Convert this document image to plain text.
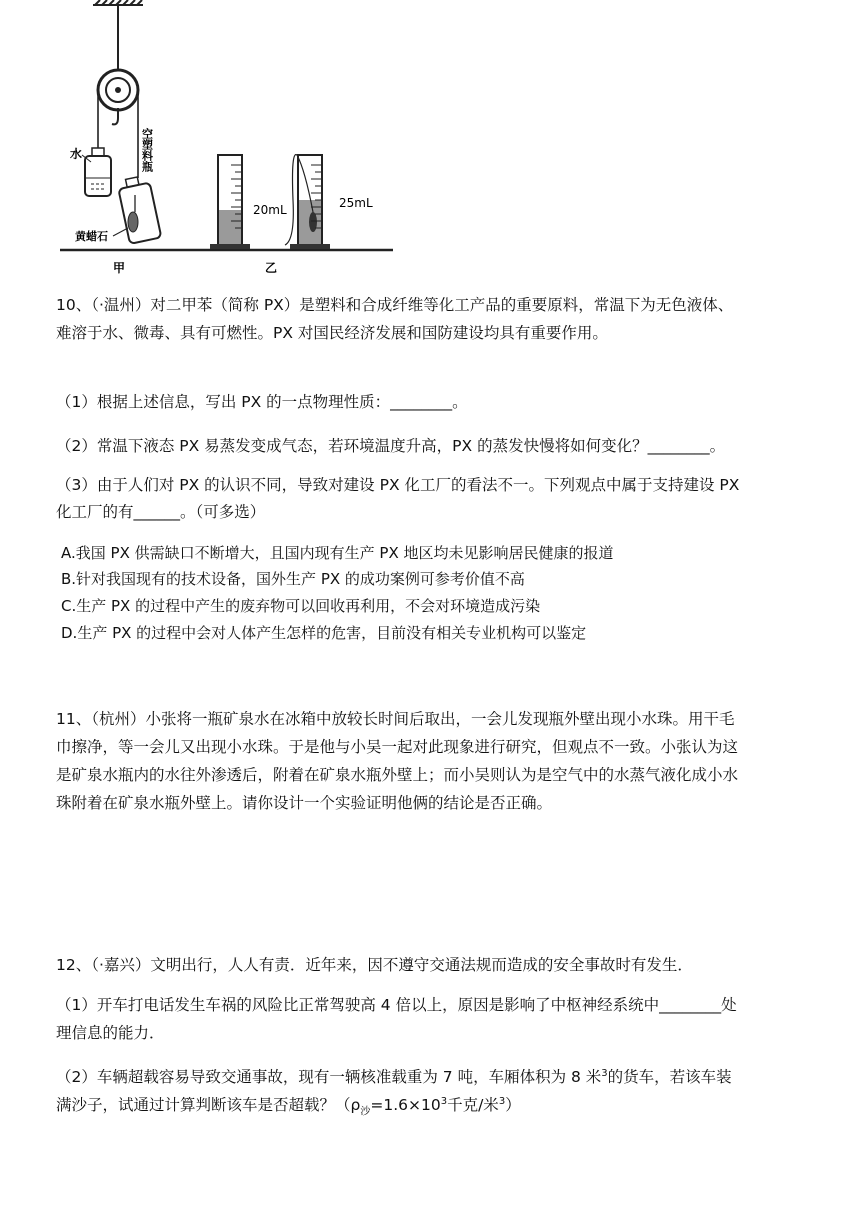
水	空塑料瓶
黄蜡石
甲	乙
20mL	25mL
10、（·温州）对二甲苯（简称 PX）是塑料和合成纤维等化工产品的重要原料，常温下为无色液体、
难溶于水、微毒、具有可燃性。PX 对国民经济发展和国防建设均具有重要作用。
（1）根据上述信息，写出 PX 的一点物理性质：________。
（2）常温下液态 PX 易蒸发变成气态，若环境温度升高，PX 的蒸发快慢将如何变化？________。
（3）由于人们对 PX 的认识不同，导致对建设 PX 化工厂的看法不一。下列观点中属于支持建设 PX
化工厂的有______。（可多选）
A.我国 PX 供需缺口不断增大，且国内现有生产 PX 地区均未见影响居民健康的报道
B.针对我国现有的技术设备，国外生产 PX 的成功案例可参考价值不高
C.生产 PX 的过程中产生的废弃物可以回收再利用，不会对环境造成污染
D.生产 PX 的过程中会对人体产生怎样的危害，目前没有相关专业机构可以鉴定
11、（杭州）小张将一瓶矿泉水在冰箱中放较长时间后取出，一会儿发现瓶外壁出现小水珠。用干毛
巾擦净，等一会儿又出现小水珠。于是他与小吴一起对此现象进行研究，但观点不一致。小张认为这
是矿泉水瓶内的水往外渗透后，附着在矿泉水瓶外壁上；而小吴则认为是空气中的水蒸气液化成小水
珠附着在矿泉水瓶外壁上。请你设计一个实验证明他俩的结论是否正确。
12、（·嘉兴）文明出行，人人有责．近年来，因不遵守交通法规而造成的安全事故时有发生．
（1）开车打电话发生车祸的风险比正常驾驶高 4 倍以上，原因是影响了中枢神经系统中________处
理信息的能力．
（2）车辆超载容易导致交通事故，现有一辆核准载重为 7 吨，车厢体积为 8 米$^3$的货车，若该车装
满沙子，试通过计算判断该车是否超载？（$\rho_沙=1.6\times 10^3$千克/米$^3$）
